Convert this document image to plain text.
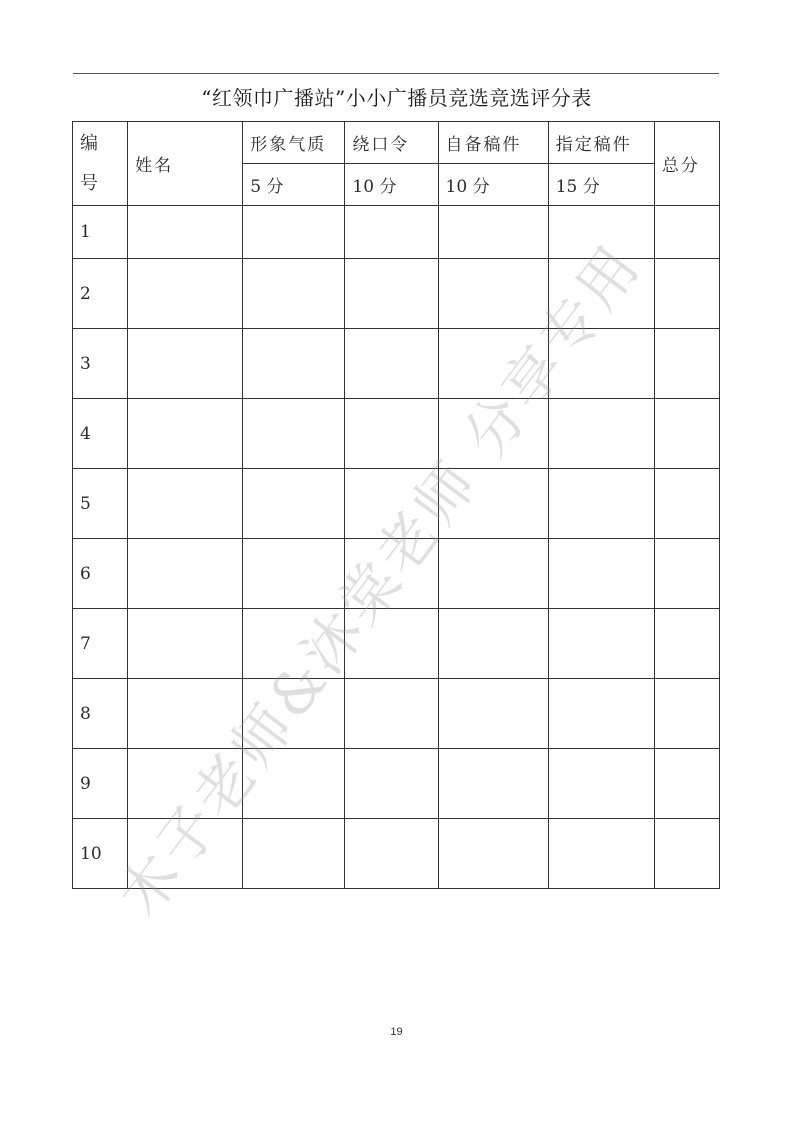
“红领巾广播站”小小广播员竞选竞选评分表
编
号	姓名	形象气质	绕口令	自备稿件	指定稿件	总分
		5 分	10 分	10 分	15 分	
1						
2						
3						
4						
5						
6						
7						
8						
9						
10						木子老师&沐棠老师 分享专用
19
